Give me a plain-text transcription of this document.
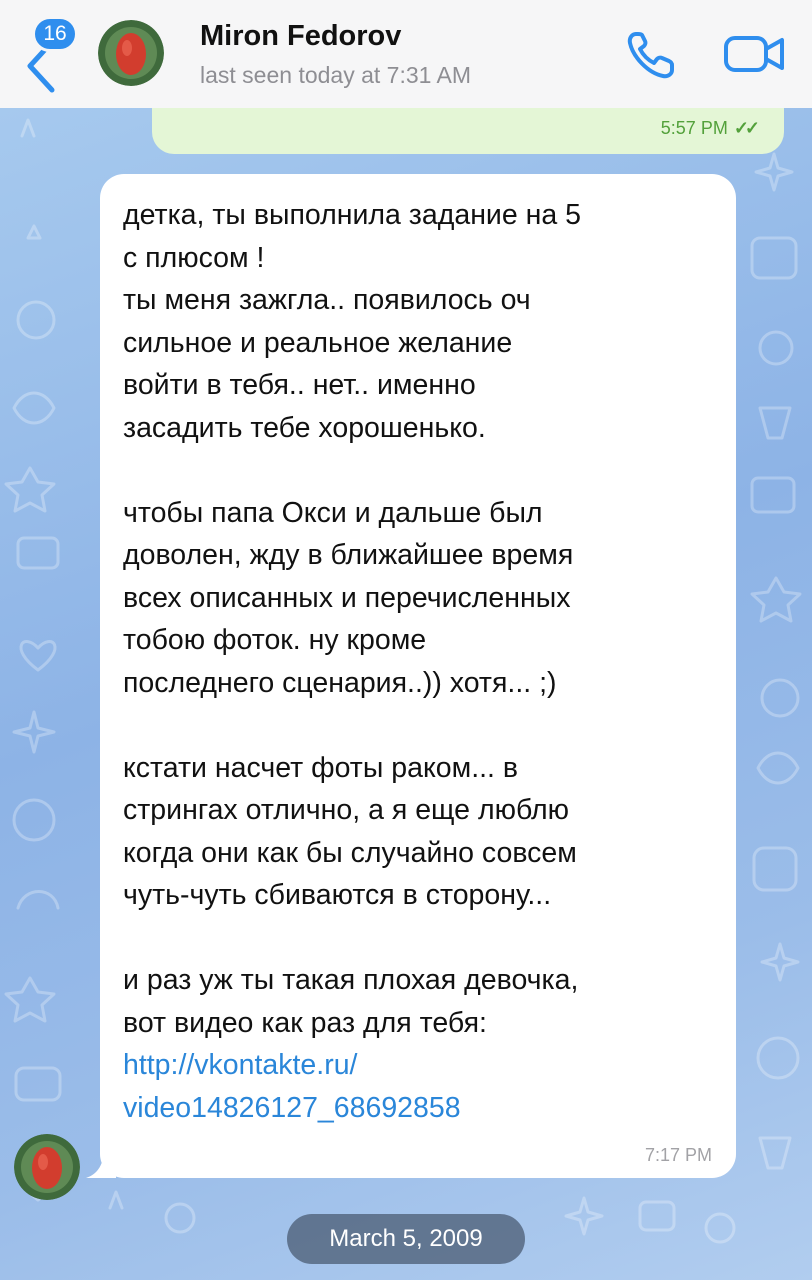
16	Miron Fedorov
last seen today at 7:31 AM
5:57 PM ✓✓
детка, ты выполнила задание на 5
с плюсом !
ты меня зажгла.. появилось оч
сильное и реальное желание
войти в тебя.. нет.. именно
засадить тебе хорошенько.
чтобы папа Окси и дальше был
доволен, жду в ближайшее время
всех описанных и перечисленных
тобою фоток. ну кроме
последнего сценария..)) хотя... ;)
кстати насчет фоты раком... в
стрингах отлично, а я еще люблю
когда они как бы случайно совсем
чуть-чуть сбиваются в сторону...
и раз уж ты такая плохая девочка,
вот видео как раз для тебя:
http://vkontakte.ru/
video14826127_68692858
7:17 PM
March 5, 2009
